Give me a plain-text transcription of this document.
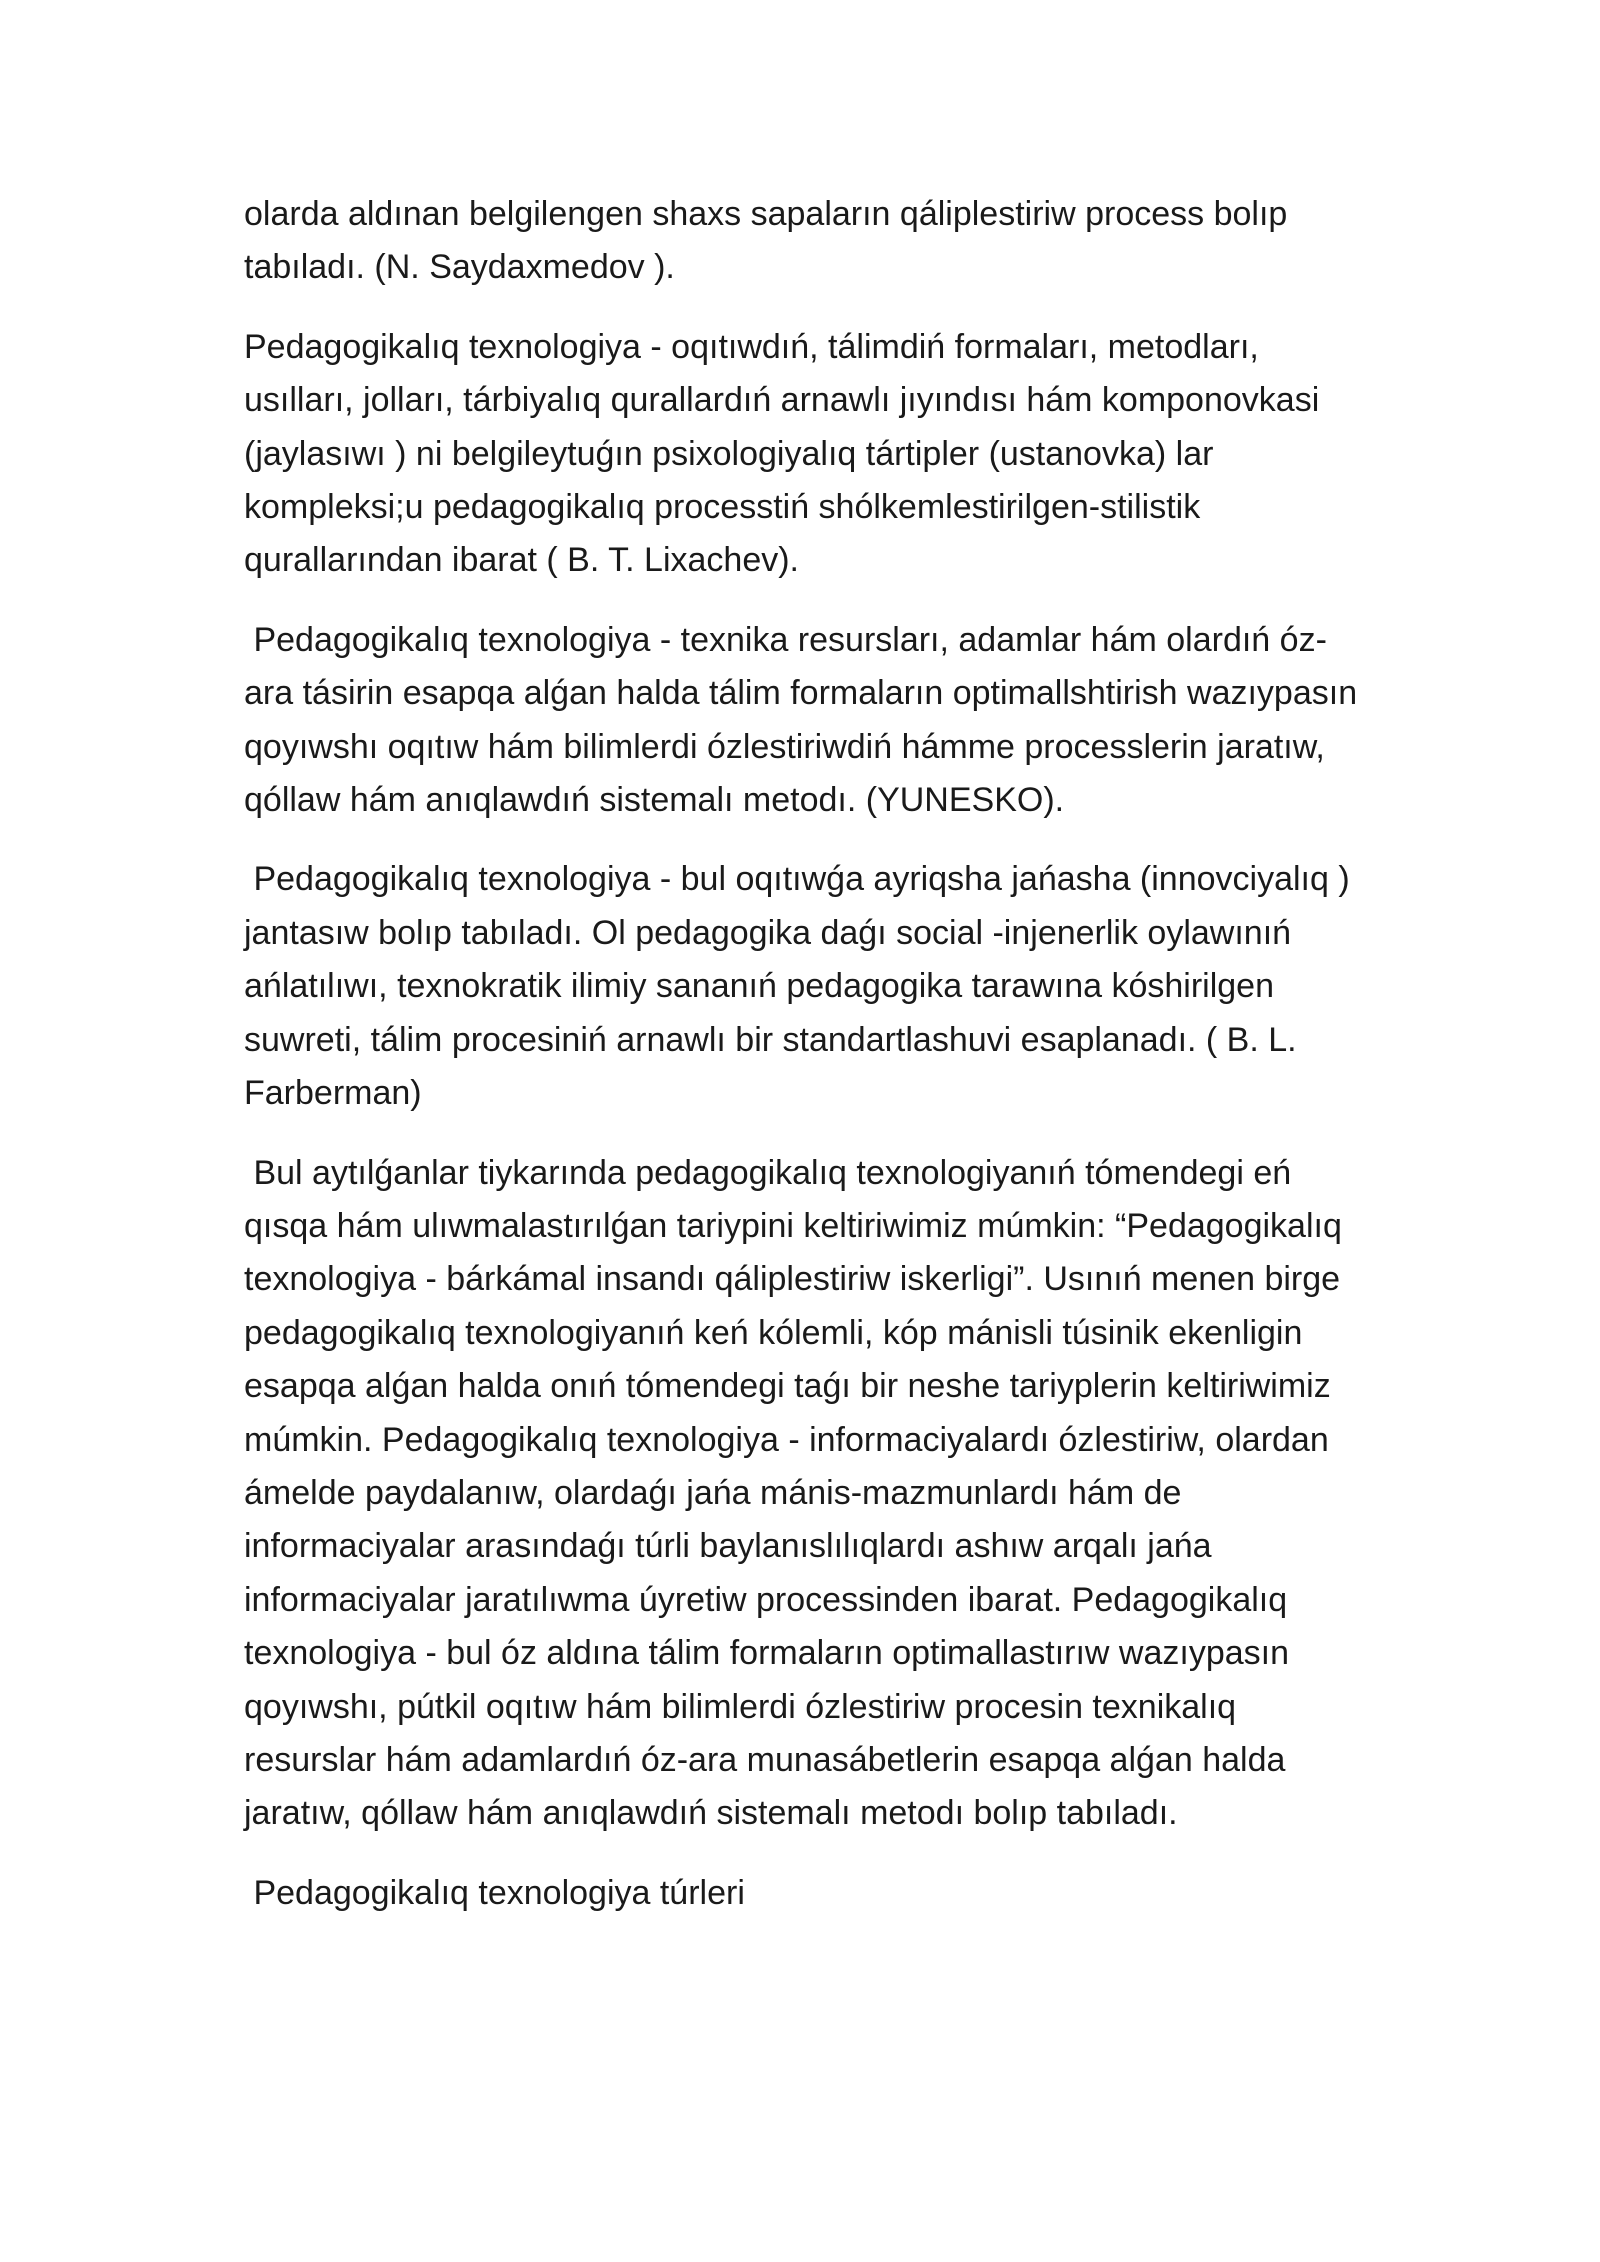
olarda aldınan belgilengen shaxs sapaların qáliplestiriw process bolıp tabıladı. (N. Saydaxmedov ).

Pedagogikalıq texnologiya - oqıtıwdıń, tálimdiń formaları, metodları, usılları, jolları, tárbiyalıq qurallardıń arnawlı jıyındısı hám komponovkasi (jaylasıwı ) ni belgileytuǵın psixologiyalıq tártipler (ustanovka) lar kompleksi;u pedagogikalıq processtiń shólkemlestirilgen-stilistik qurallarından ibarat ( B. T. Lixachev).

Pedagogikalıq texnologiya - texnika resursları, adamlar hám olardıń óz-ara tásirin esapqa alǵan halda tálim formaların optimallshtirish wazıypasın qoyıwshı oqıtıw hám bilimlerdi ózlestiriwdiń hámme processlerin jaratıw, qóllaw hám anıqlawdıń sistemalı metodı. (YUNESKO).

Pedagogikalıq texnologiya - bul oqıtıwǵa ayriqsha jańasha (innovciyalıq ) jantasıw bolıp tabıladı. Ol pedagogika daǵı social -injenerlik oylawınıń ańlatılıwı, texnokratik ilimiy sananıń pedagogika tarawına kóshirilgen suwreti, tálim procesiniń arnawlı bir standartlashuvi esaplanadı. ( B. L. Farberman)

Bul aytılǵanlar tiykarında pedagogikalıq texnologiyanıń tómendegi eń qısqa hám ulıwmalastırılǵan tariypini keltiriwimiz múmkin: “Pedagogikalıq texnologiya - bárkámal insandı qáliplestiriw iskerligi”. Usınıń menen birge pedagogikalıq texnologiyanıń keń kólemli, kóp mánisli túsinik ekenligin esapqa alǵan halda onıń tómendegi taǵı bir neshe tariyplerin keltiriwimiz múmkin. Pedagogikalıq texnologiya - informaciyalardı ózlestiriw, olardan ámelde paydalanıw, olardaǵı jańa mánis-mazmunlardı hám de informaciyalar arasındaǵı túrli baylanıslılıqlardı ashıw arqalı jańa informaciyalar jaratılıwma úyretiw processinden ibarat. Pedagogikalıq texnologiya - bul óz aldına tálim formaların optimallastırıw wazıypasın qoyıwshı, pútkil oqıtıw hám bilimlerdi ózlestiriw procesin texnikalıq resurslar hám adamlardıń óz-ara munasábetlerin esapqa alǵan halda jaratıw, qóllaw hám anıqlawdıń sistemalı metodı bolıp tabıladı.

Pedagogikalıq texnologiya túrleri
